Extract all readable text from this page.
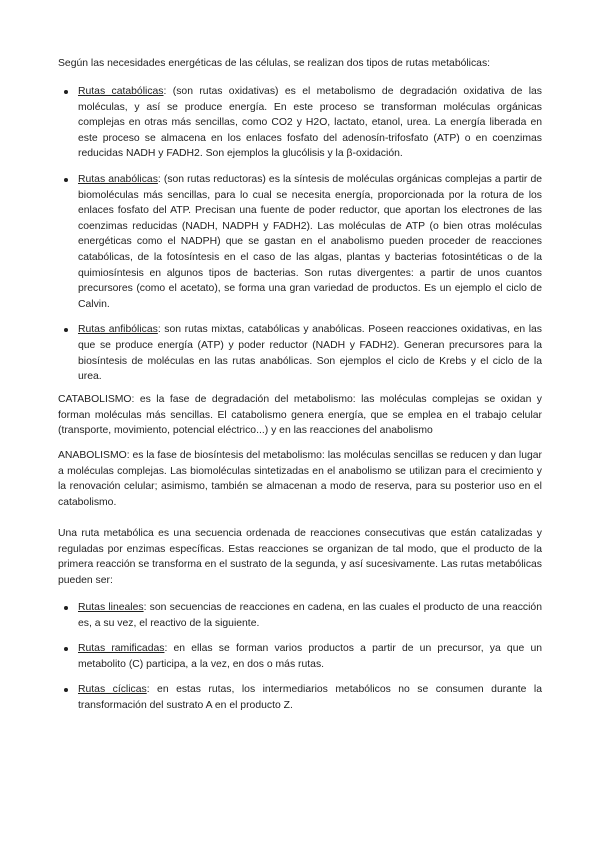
Según las necesidades energéticas de las células, se realizan dos tipos de rutas metabólicas:

Rutas catabólicas: (son rutas oxidativas) es el metabolismo de degradación oxidativa de las moléculas, y así se produce energía. En este proceso se transforman moléculas orgánicas complejas en otras más sencillas, como CO2 y H2O, lactato, etanol, urea. La energía liberada en este proceso se almacena en los enlaces fosfato del adenosín-trifosfato (ATP) o en coenzimas reducidas NADH y FADH2. Son ejemplos la glucólisis y la β-oxidación.
Rutas anabólicas: (son rutas reductoras) es la síntesis de moléculas orgánicas complejas a partir de biomoléculas más sencillas, para lo cual se necesita energía, proporcionada por la rotura de los enlaces fosfato del ATP. Precisan una fuente de poder reductor, que aportan los electrones de las coenzimas reducidas (NADH, NADPH y FADH2). Las moléculas de ATP (o bien otras moléculas energéticas como el NADPH) que se gastan en el anabolismo pueden proceder de reacciones catabólicas, de la fotosíntesis en el caso de las algas, plantas y bacterias fotosintéticas o de la quimiosíntesis en algunos tipos de bacterias. Son rutas divergentes: a partir de unos cuantos precursores (como el acetato), se forma una gran variedad de productos. Es un ejemplo el ciclo de Calvin.
Rutas anfibólicas: son rutas mixtas, catabólicas y anabólicas. Poseen reacciones oxidativas, en las que se produce energía (ATP) y poder reductor (NADH y FADH2). Generan precursores para la biosíntesis de moléculas en las rutas anabólicas. Son ejemplos el ciclo de Krebs y el ciclo de la urea.

CATABOLISMO: es la fase de degradación del metabolismo: las moléculas complejas se oxidan y forman moléculas más sencillas. El catabolismo genera energía, que se emplea en el trabajo celular (transporte, movimiento, potencial eléctrico...) y en las reacciones del anabolismo

ANABOLISMO: es la fase de biosíntesis del metabolismo: las moléculas sencillas se reducen y dan lugar a moléculas complejas. Las biomoléculas sintetizadas en el anabolismo se utilizan para el crecimiento y la renovación celular; asimismo, también se almacenan a modo de reserva, para su posterior uso en el catabolismo.

Una ruta metabólica es una secuencia ordenada de reacciones consecutivas que están catalizadas y reguladas por enzimas específicas. Estas reacciones se organizan de tal modo, que el producto de la primera reacción se transforma en el sustrato de la segunda, y así sucesivamente. Las rutas metabólicas pueden ser:

Rutas lineales: son secuencias de reacciones en cadena, en las cuales el producto de una reacción es, a su vez, el reactivo de la siguiente.
Rutas ramificadas: en ellas se forman varios productos a partir de un precursor, ya que un metabolito (C) participa, a la vez, en dos o más rutas.
Rutas cíclicas: en estas rutas, los intermediarios metabólicos no se consumen durante la transformación del sustrato A en el producto Z.
